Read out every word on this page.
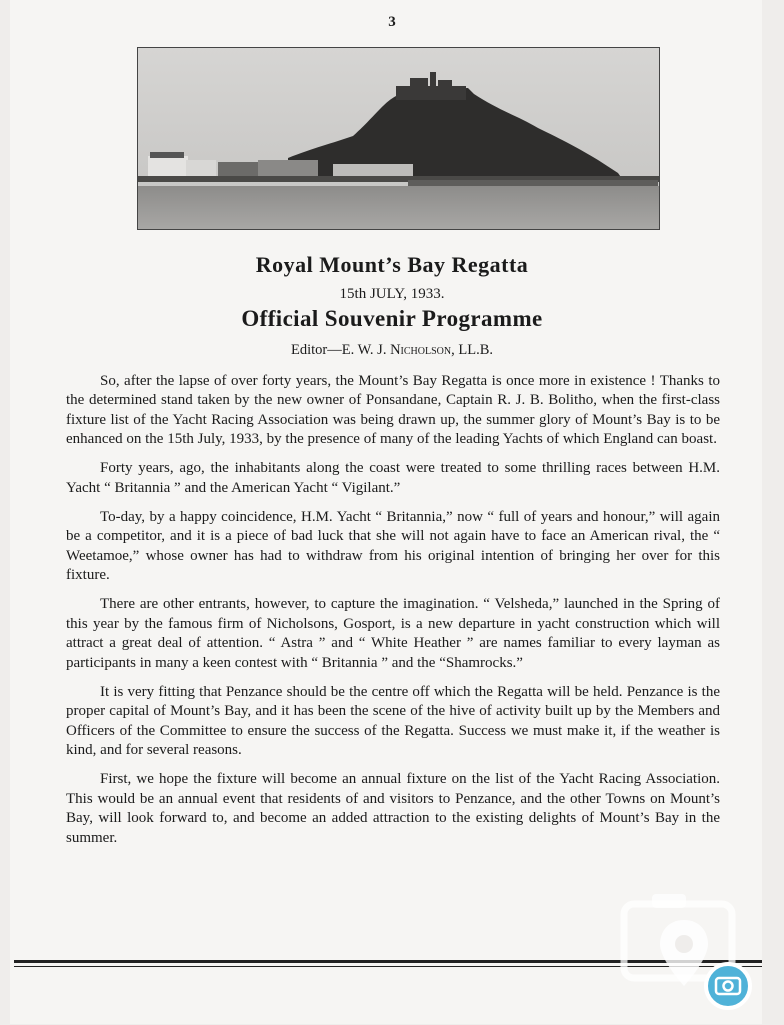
3
Royal Mount’s Bay Regatta
15th JULY, 1933.
Official Souvenir Programme
Editor—E. W. J. Nicholson, LL.B.

So, after the lapse of over forty years, the Mount’s Bay Regatta is once more in existence ! Thanks to the determined stand taken by the new owner of Ponsandane, Captain R. J. B. Bolitho, when the first-class fixture list of the Yacht Racing Association was being drawn up, the summer glory of Mount’s Bay is to be enhanced on the 15th July, 1933, by the presence of many of the leading Yachts of which England can boast.

Forty years, ago, the inhabitants along the coast were treated to some thrilling races between H.M. Yacht “ Britannia ” and the American Yacht “ Vigilant.”

To-day, by a happy coincidence, H.M. Yacht “ Britannia,” now “ full of years and honour,” will again be a competitor, and it is a piece of bad luck that she will not again have to face an American rival, the “ Weetamoe,” whose owner has had to withdraw from his original intention of bringing her over for this fixture.

There are other entrants, however, to capture the imagination. “ Velsheda,” launched in the Spring of this year by the famous firm of Nicholsons, Gosport, is a new departure in yacht construction which will attract a great deal of attention. “ Astra ” and “ White Heather ” are names familiar to every layman as participants in many a keen contest with “ Britannia ” and the “Shamrocks.”

It is very fitting that Penzance should be the centre off which the Regatta will be held. Penzance is the proper capital of Mount’s Bay, and it has been the scene of the hive of activity built up by the Members and Officers of the Committee to ensure the success of the Regatta. Success we must make it, if the weather is kind, and for several reasons.

First, we hope the fixture will become an annual fixture on the list of the Yacht Racing Association. This would be an annual event that residents of and visitors to Penzance, and the other Towns on Mount’s Bay, will look forward to, and become an added attraction to the existing delights of Mount’s Bay in the summer.
